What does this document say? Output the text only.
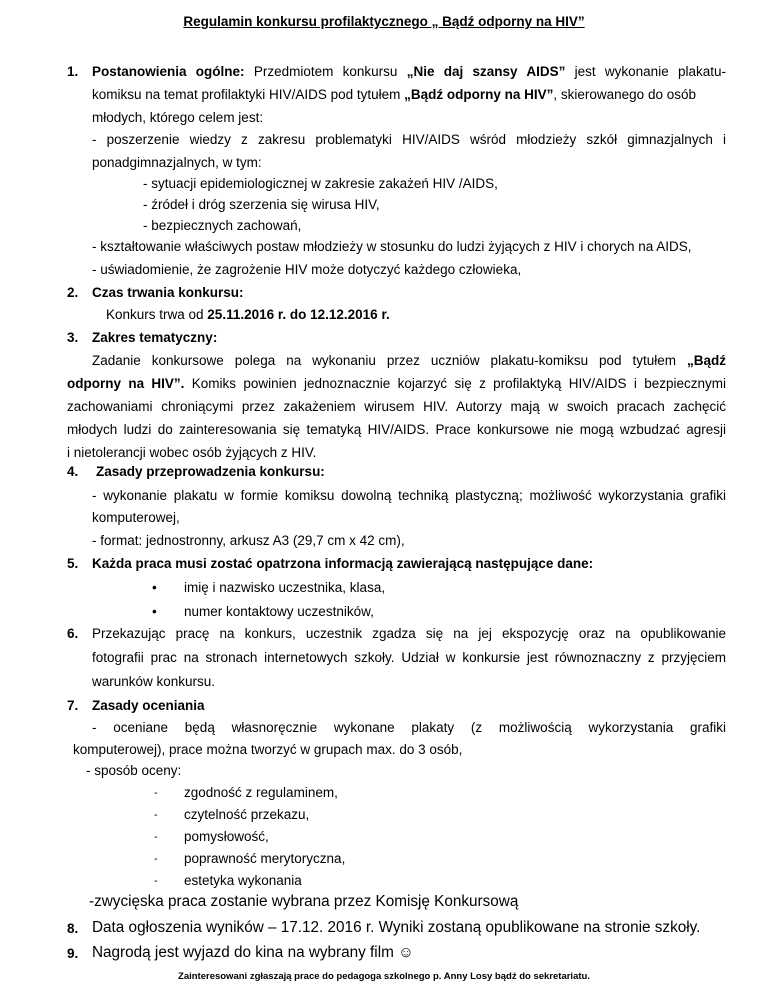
Regulamin konkursu profilaktycznego „ Bądź odporny na HIV”
1. Postanowienia ogólne: Przedmiotem konkursu „Nie daj szansy AIDS” jest wykonanie plakatu-
komiksu na temat profilaktyki HIV/AIDS pod tytułem „Bądź odporny na HIV”, skierowanego do osób
młodych, którego celem jest:
- poszerzenie wiedzy z zakresu problematyki HIV/AIDS wśród młodzieży szkół gimnazjalnych i
ponadgimnazjalnych, w tym:
- sytuacji epidemiologicznej w zakresie zakażeń HIV /AIDS,
- źródeł i dróg szerzenia się wirusa HIV,
- bezpiecznych zachowań,
- kształtowanie właściwych postaw młodzieży w stosunku do ludzi żyjących z HIV i chorych na AIDS,
- uświadomienie, że zagrożenie HIV może dotyczyć każdego człowieka,
2. Czas trwania konkursu:
Konkurs trwa od 25.11.2016 r. do 12.12.2016 r.
3. Zakres tematyczny:
Zadanie konkursowe polega na wykonaniu przez uczniów plakatu-komiksu pod tytułem „Bądź
odporny na HIV”. Komiks powinien jednoznacznie kojarzyć się z profilaktyką HIV/AIDS i bezpiecznymi
zachowaniami chroniącymi przez zakażeniem wirusem HIV. Autorzy mają w swoich pracach zachęcić
młodych ludzi do zainteresowania się tematyką HIV/AIDS. Prace konkursowe nie mogą wzbudzać agresji
i nietolerancji wobec osób żyjących z HIV.
4. Zasady przeprowadzenia konkursu:
- wykonanie plakatu w formie komiksu dowolną techniką plastyczną; możliwość wykorzystania grafiki
komputerowej,
- format: jednostronny, arkusz A3 (29,7 cm x 42 cm),
5. Każda praca musi zostać opatrzona informacją zawierającą następujące dane:
• imię i nazwisko uczestnika, klasa,
• numer kontaktowy uczestników,
6. Przekazując pracę na konkurs, uczestnik zgadza się na jej ekspozycję oraz na opublikowanie
fotografii prac na stronach internetowych szkoły. Udział w konkursie jest równoznaczny z przyjęciem
warunków konkursu.
7. Zasady oceniania
- oceniane będą własnoręcznie wykonane plakaty (z możliwością wykorzystania grafiki
komputerowej), prace można tworzyć w grupach max. do 3 osób,
- sposób oceny:
- zgodność z regulaminem,
- czytelność przekazu,
- pomysłowość,
- poprawność merytoryczna,
- estetyka wykonania
-zwycięska praca zostanie wybrana przez Komisję Konkursową
8. Data ogłoszenia wyników – 17.12. 2016 r. Wyniki zostaną opublikowane na stronie szkoły.
9. Nagrodą jest wyjazd do kina na wybrany film ☺
Zainteresowani zgłaszają prace do pedagoga szkolnego p. Anny Losy bądź do sekretariatu.
